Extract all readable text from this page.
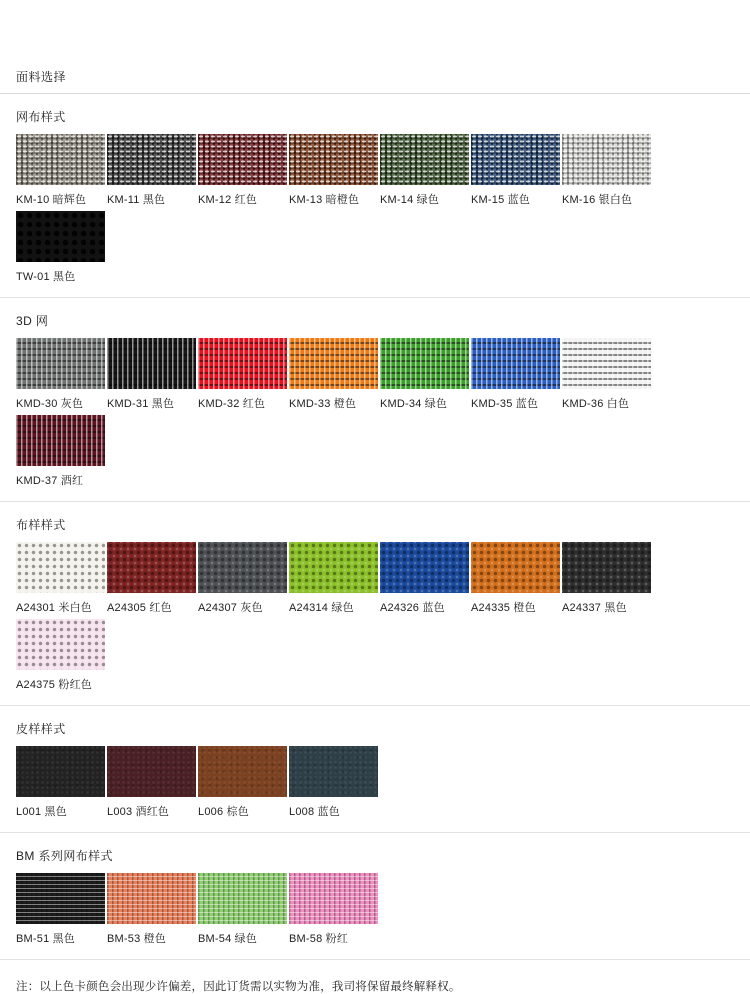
面料选择
网布样式
KM-10 暗辉色	KM-11 黑色	KM-12 红色	KM-13 暗橙色	KM-14 绿色	KM-15 蓝色	KM-16 银白色
TW-01 黑色
3D 网
KMD-30 灰色	KMD-31 黑色	KMD-32 红色	KMD-33 橙色	KMD-34 绿色	KMD-35 蓝色	KMD-36 白色
KMD-37 酒红
布样样式
A24301 米白色	A24305 红色	A24307 灰色	A24314 绿色	A24326 蓝色	A24335 橙色	A24337 黑色
A24375 粉红色
皮样样式
L001 黑色	L003 酒红色	L006 棕色	L008 蓝色
BM 系列网布样式
BM-51 黑色	BM-53 橙色	BM-54 绿色	BM-58 粉红
注：以上色卡颜色会出现少许偏差，因此订货需以实物为准，我司将保留最终解释权。
